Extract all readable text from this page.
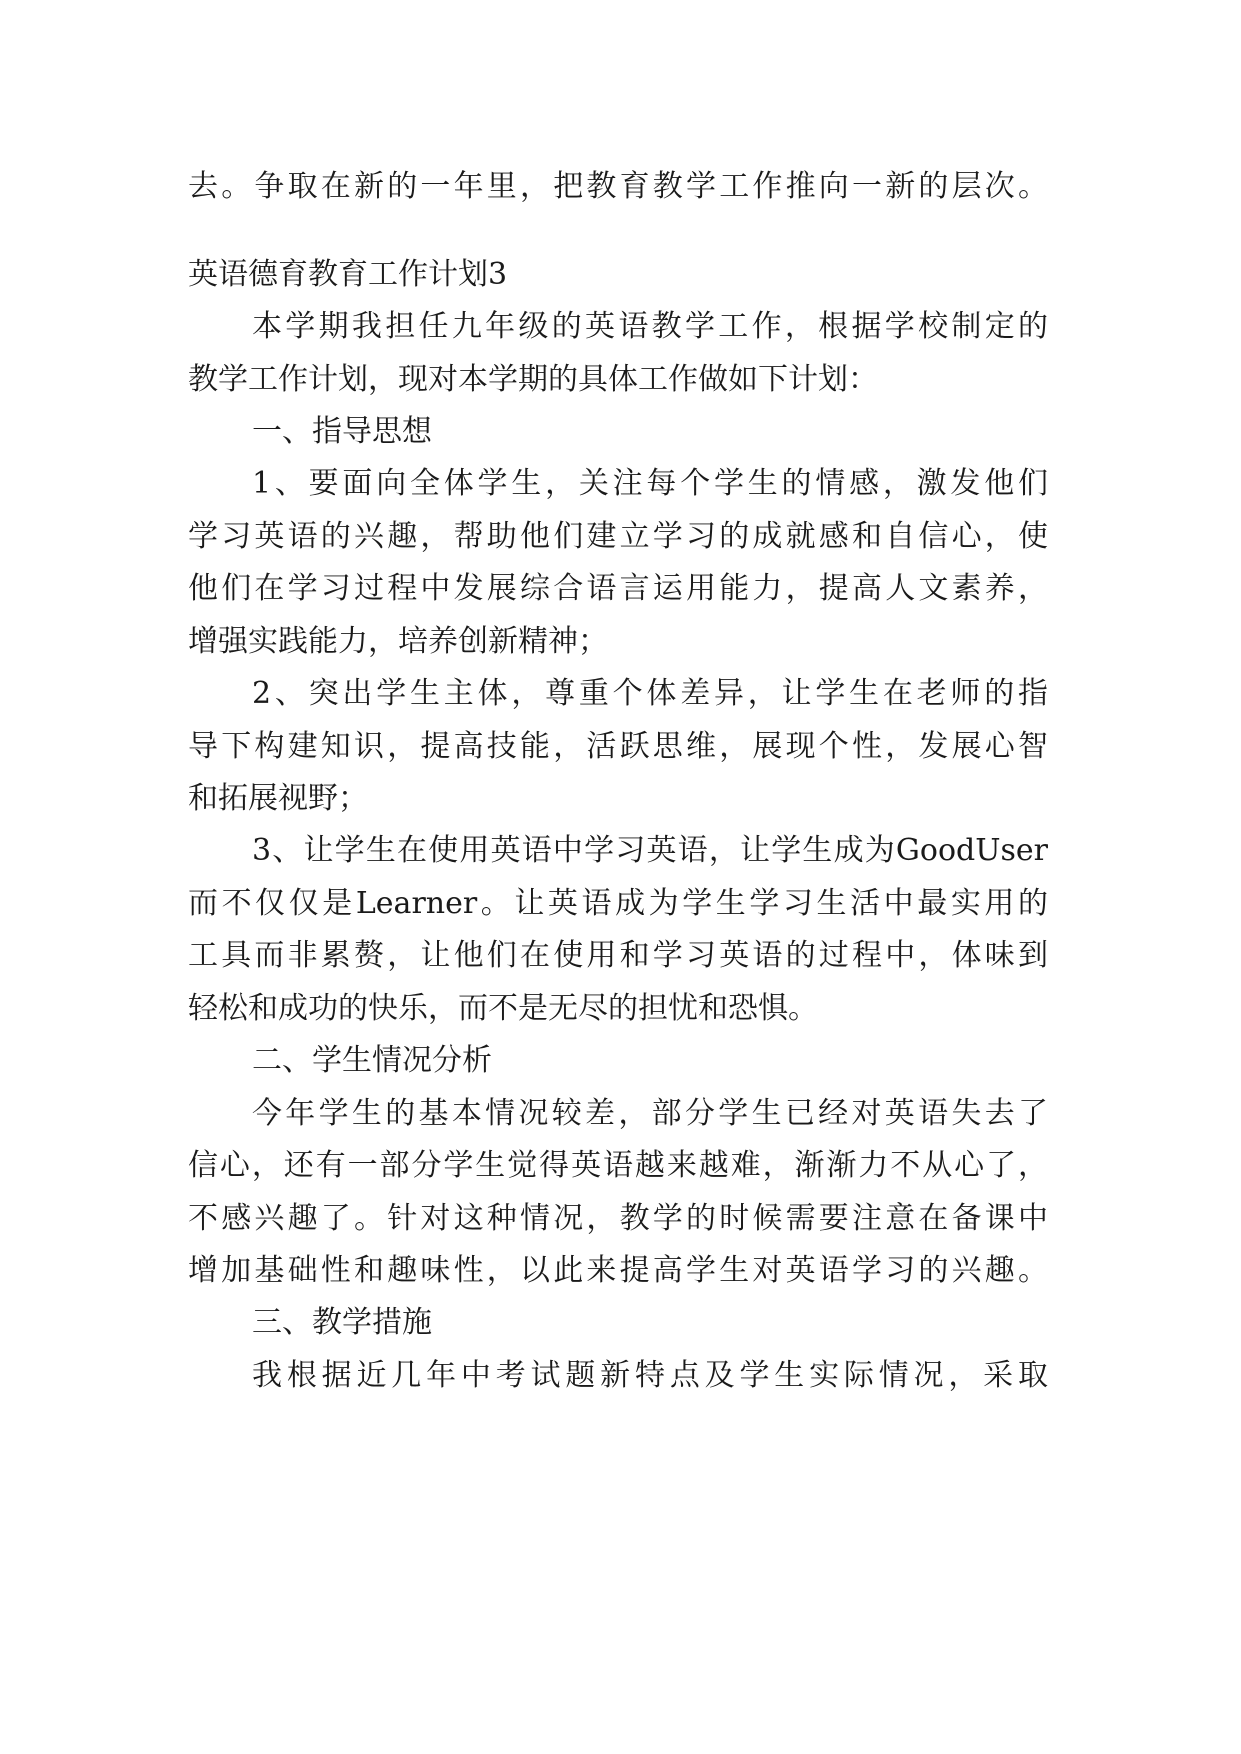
去。争取在新的一年里，把教育教学工作推向一新的层次。

英语德育教育工作计划3

本学期我担任九年级的英语教学工作，根据学校制定的

教学工作计划，现对本学期的具体工作做如下计划：

一、指导思想

1、要面向全体学生，关注每个学生的情感，激发他们

学习英语的兴趣，帮助他们建立学习的成就感和自信心，使

他们在学习过程中发展综合语言运用能力，提高人文素养，

增强实践能力，培养创新精神；

2、突出学生主体，尊重个体差异，让学生在老师的指

导下构建知识，提高技能，活跃思维，展现个性，发展心智

和拓展视野；

3、让学生在使用英语中学习英语，让学生成为GoodUser

而不仅仅是Learner。让英语成为学生学习生活中最实用的

工具而非累赘，让他们在使用和学习英语的过程中，体味到

轻松和成功的快乐，而不是无尽的担忧和恐惧。

二、学生情况分析

今年学生的基本情况较差，部分学生已经对英语失去了

信心，还有一部分学生觉得英语越来越难，渐渐力不从心了，

不感兴趣了。针对这种情况，教学的时候需要注意在备课中

增加基础性和趣味性，以此来提高学生对英语学习的兴趣。

三、教学措施

我根据近几年中考试题新特点及学生实际情况，采取
